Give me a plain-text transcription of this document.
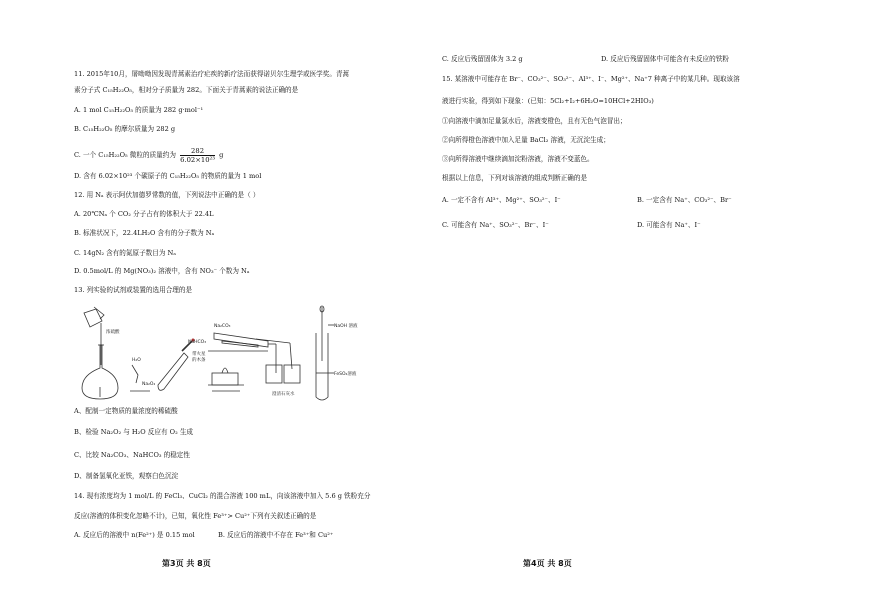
11. 2015年10月，屠呦呦因发现青蒿素治疗疟疾的新疗法而获得诺贝尔生理学或医学奖。青蒿
素分子式 C₁₅H₂₂O₅，相对分子质量为 282。下面关于青蒿素的说法正确的是
A. 1 mol C₁₅H₂₂O₅ 的质量为 282 g·mol⁻¹
B. C₁₅H₂₂O₅ 的摩尔质量为 282 g
C. 一个 C₁₅H₂₂O₅ 微粒的质量约为 $\frac{282}{\text{6.02×10²³}}$ g
D. 含有 6.02×10²³ 个碳原子的 C₁₅H₂₂O₅ 的物质的量为 1 mol
12. 用 Nₐ 表示阿伏加德罗常数的值，下列说法中正确的是（ ）
A. 20℃Nₐ 个 CO₂ 分子占有的体积大于 22.4L
B. 标准状况下，22.4LH₂O 含有的分子数为 Nₐ
C. 14gN₂ 含有的氮原子数目为 Nₐ
D. 0.5mol/L 的 Mg(NO₃)₂ 溶液中，含有 NO₃⁻ 个数为 Nₐ
13. 列实验的试剂或装置的选用合理的是
浓硫酸
H₂O
带火星
的木条
Na₂O₂
Na₂CO₃
NaHCO₃
澄清石灰水
NaOH 溶液
FeSO₄溶液
A、配制一定物质的量浓度的稀硫酸
B、检验 Na₂O₂ 与 H₂O 反应有 O₂ 生成
C、比较 Na₂CO₃、NaHCO₃ 的稳定性
D、制备氢氧化亚铁，观察白色沉淀
14. 现有浓度均为 1 mol/L 的 FeCl₃、CuCl₂ 的混合溶液 100 mL，向该溶液中加入 5.6 g 铁粉充分
反应(溶液的体积变化忽略不计)，已知，氧化性 Fe³⁺> Cu²⁺下列有关叙述正确的是
A. 反应后的溶液中 n(Fe²⁺) 是 0.15 mol	B. 反应后的溶液中不存在 Fe³⁺和 Cu²⁺
第3页 共 8页
C. 反应后残留固体为 3.2 g	D. 反应后残留固体中可能含有未反应的铁粉
15. 某溶液中可能存在 Br⁻、CO₃²⁻、SO₃²⁻、Al³⁺、I⁻、Mg²⁺、Na⁺7 种离子中的某几种。现取该溶
液进行实验，得到如下现象：(已知：5Cl₂+I₂+6H₂O=10HCl+2HIO₃)
①向溶液中滴加足量氯水后，溶液变橙色，且有无色气泡冒出；
②向所得橙色溶液中加入足量 BaCl₂ 溶液，无沉淀生成；
③向所得溶液中继续滴加淀粉溶液，溶液不变蓝色。
根据以上信息，下列对该溶液的组成判断正确的是
A. 一定不含有 Al³⁺、Mg²⁺、SO₃²⁻、I⁻	B. 一定含有 Na⁺、CO₃²⁻、Br⁻
C. 可能含有 Na⁺、SO₃²⁻、Br⁻、I⁻	D. 可能含有 Na⁺、I⁻
第4页 共 8页
